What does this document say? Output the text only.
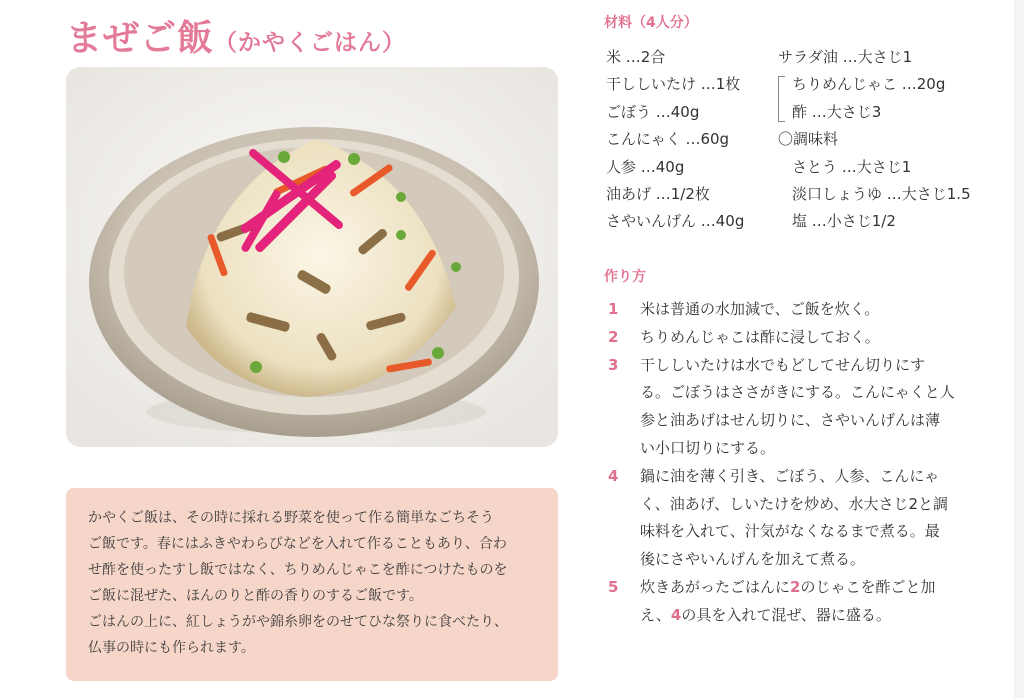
まぜご飯（かやくごはん）

かやくご飯は、その時に採れる野菜を使って作る簡単なごちそう

ご飯です。春にはふきやわらびなどを入れて作ることもあり、合わ

せ酢を使ったすし飯ではなく、ちりめんじゃこを酢につけたものを

ご飯に混ぜた、ほんのりと酢の香りのするご飯です。

ごはんの上に、紅しょうがや錦糸卵をのせてひな祭りに食べたり、

仏事の時にも作られます。

材料（4人分）
米 …2合
干ししいたけ …1枚
ごぼう …40g
こんにゃく …60g
人参 …40g
油あげ …1/2枚
さやいんげん …40g
サラダ油 …大さじ1
ちりめんじゃこ …20g
酢 …大さじ3
〇調味料
さとう …大さじ1
淡口しょうゆ …大さじ1.5
塩 …小さじ1/2
作り方
1	米は普通の水加減で、ご飯を炊く。
2	ちりめんじゃこは酢に浸しておく。
3	干ししいたけは水でもどしてせん切りにす
る。ごぼうはささがきにする。こんにゃくと人
参と油あげはせん切りに、さやいんげんは薄
い小口切りにする。
4	鍋に油を薄く引き、ごぼう、人参、こんにゃ
く、油あげ、しいたけを炒め、水大さじ2と調
味料を入れて、汁気がなくなるまで煮る。最
後にさやいんげんを加えて煮る。
5	炊きあがったごはんに2のじゃこを酢ごと加
え、4の具を入れて混ぜ、器に盛る。
